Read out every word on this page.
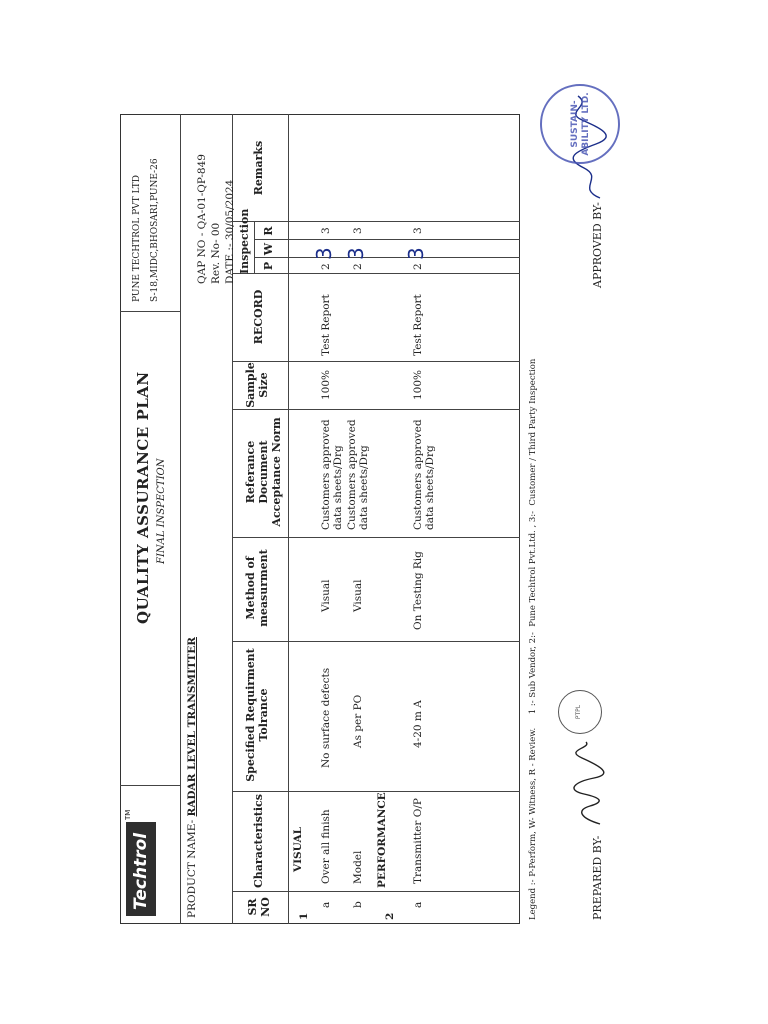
Techtrol
TM
QUALITY ASSURANCE PLAN FINAL INSPECTION
PUNE TECHTROL PVT LTD S-18,MIDC,BHOSARI,PUNE-26
PRODUCT NAME- RADAR LEVEL TRANSMITTER
QAP NO - QA-01-QP-849 Rev. No- 00 DATE :- 30/05/2024
SR NO
Characteristics
Specified Requirment Tolrance
Method of measurment
Referance Document Acceptance Norm
Sample Size
RECORD
Inspection P
W
R
Remarks
1
VISUAL
a
Over all finish
No surface defects
Visual
Customers approved data sheets/Drg
100%
Test Report
2
3
3
b
Model
As per PO
Visual
Customers approved data sheets/Drg
2
3
3
2
PERFORMANCE
a
Transmitter O/P
4-20 m A
On Testing Rig
Customers approved data sheets/Drg
100%
Test Report
2
3
3
Legend :- P-Perform, W- Witness, R - Review.     1 :- Sub Vendor, 2:-  Pune Techtrol Pvt.Ltd. , 3:-  Customer / Third Party Inspection	PREPARED BY-
PTPL
APPROVED BY-
SUSTAIN-
ABILITY LTD.
